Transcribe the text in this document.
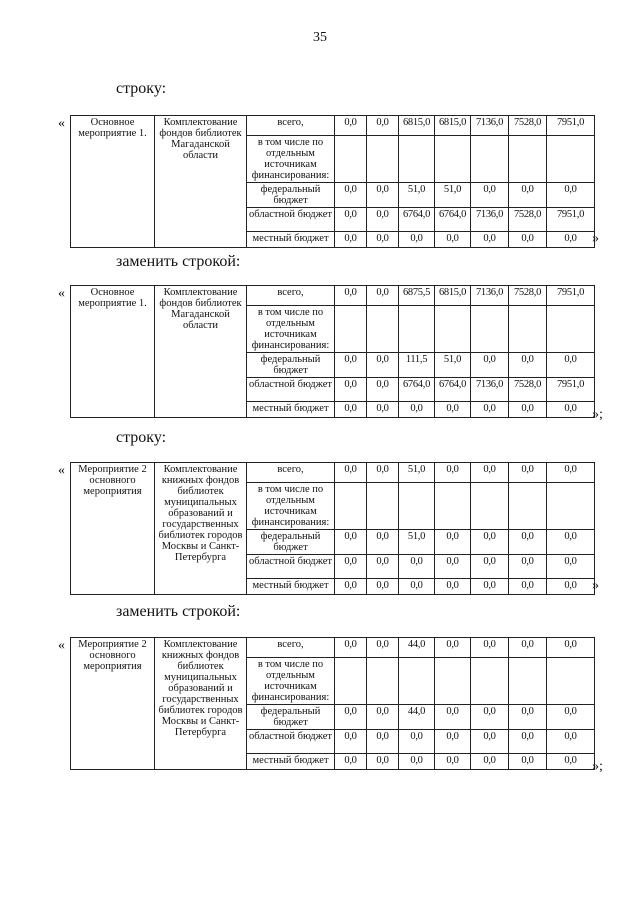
35
строку:
« Основное мероприятие 1.	Комплектование фондов библиотек Магаданской области	всего,	0,0	0,0	6815,0	6815,0	7136,0	7528,0	7951,0
		в том числе по отдельным источникам финансирования:							
		федеральный бюджет	0,0	0,0	51,0	51,0	0,0	0,0	0,0
		областной бюджет	0,0	0,0	6764,0	6764,0	7136,0	7528,0	7951,0
		местный бюджет	0,0	0,0	0,0	0,0	0,0	0,0	0,0 »
заменить строкой:
« Основное мероприятие 1.	Комплектование фондов библиотек Магаданской области	всего,	0,0	0,0	6875,5	6815,0	7136,0	7528,0	7951,0
		в том числе по отдельным источникам финансирования:							
		федеральный бюджет	0,0	0,0	111,5	51,0	0,0	0,0	0,0
		областной бюджет	0,0	0,0	6764,0	6764,0	7136,0	7528,0	7951,0
		местный бюджет	0,0	0,0	0,0	0,0	0,0	0,0	0,0 »;
строку:
« Мероприятие 2 основного мероприятия	Комплектование книжных фондов библиотек муниципальных образований и государственных библиотек городов Москвы и Санкт-Петербурга	всего,	0,0	0,0	51,0	0,0	0,0	0,0	0,0
		в том числе по отдельным источникам финансирования:							
		федеральный бюджет	0,0	0,0	51,0	0,0	0,0	0,0	0,0
		областной бюджет	0,0	0,0	0,0	0,0	0,0	0,0	0,0
		местный бюджет	0,0	0,0	0,0	0,0	0,0	0,0	0,0 »
заменить строкой:
« Мероприятие 2 основного мероприятия	Комплектование книжных фондов библиотек муниципальных образований и государственных библиотек городов Москвы и Санкт-Петербурга	всего,	0,0	0,0	44,0	0,0	0,0	0,0	0,0
		в том числе по отдельным источникам финансирования:							
		федеральный бюджет	0,0	0,0	44,0	0,0	0,0	0,0	0,0
		областной бюджет	0,0	0,0	0,0	0,0	0,0	0,0	0,0
		местный бюджет	0,0	0,0	0,0	0,0	0,0	0,0	0,0 »;
